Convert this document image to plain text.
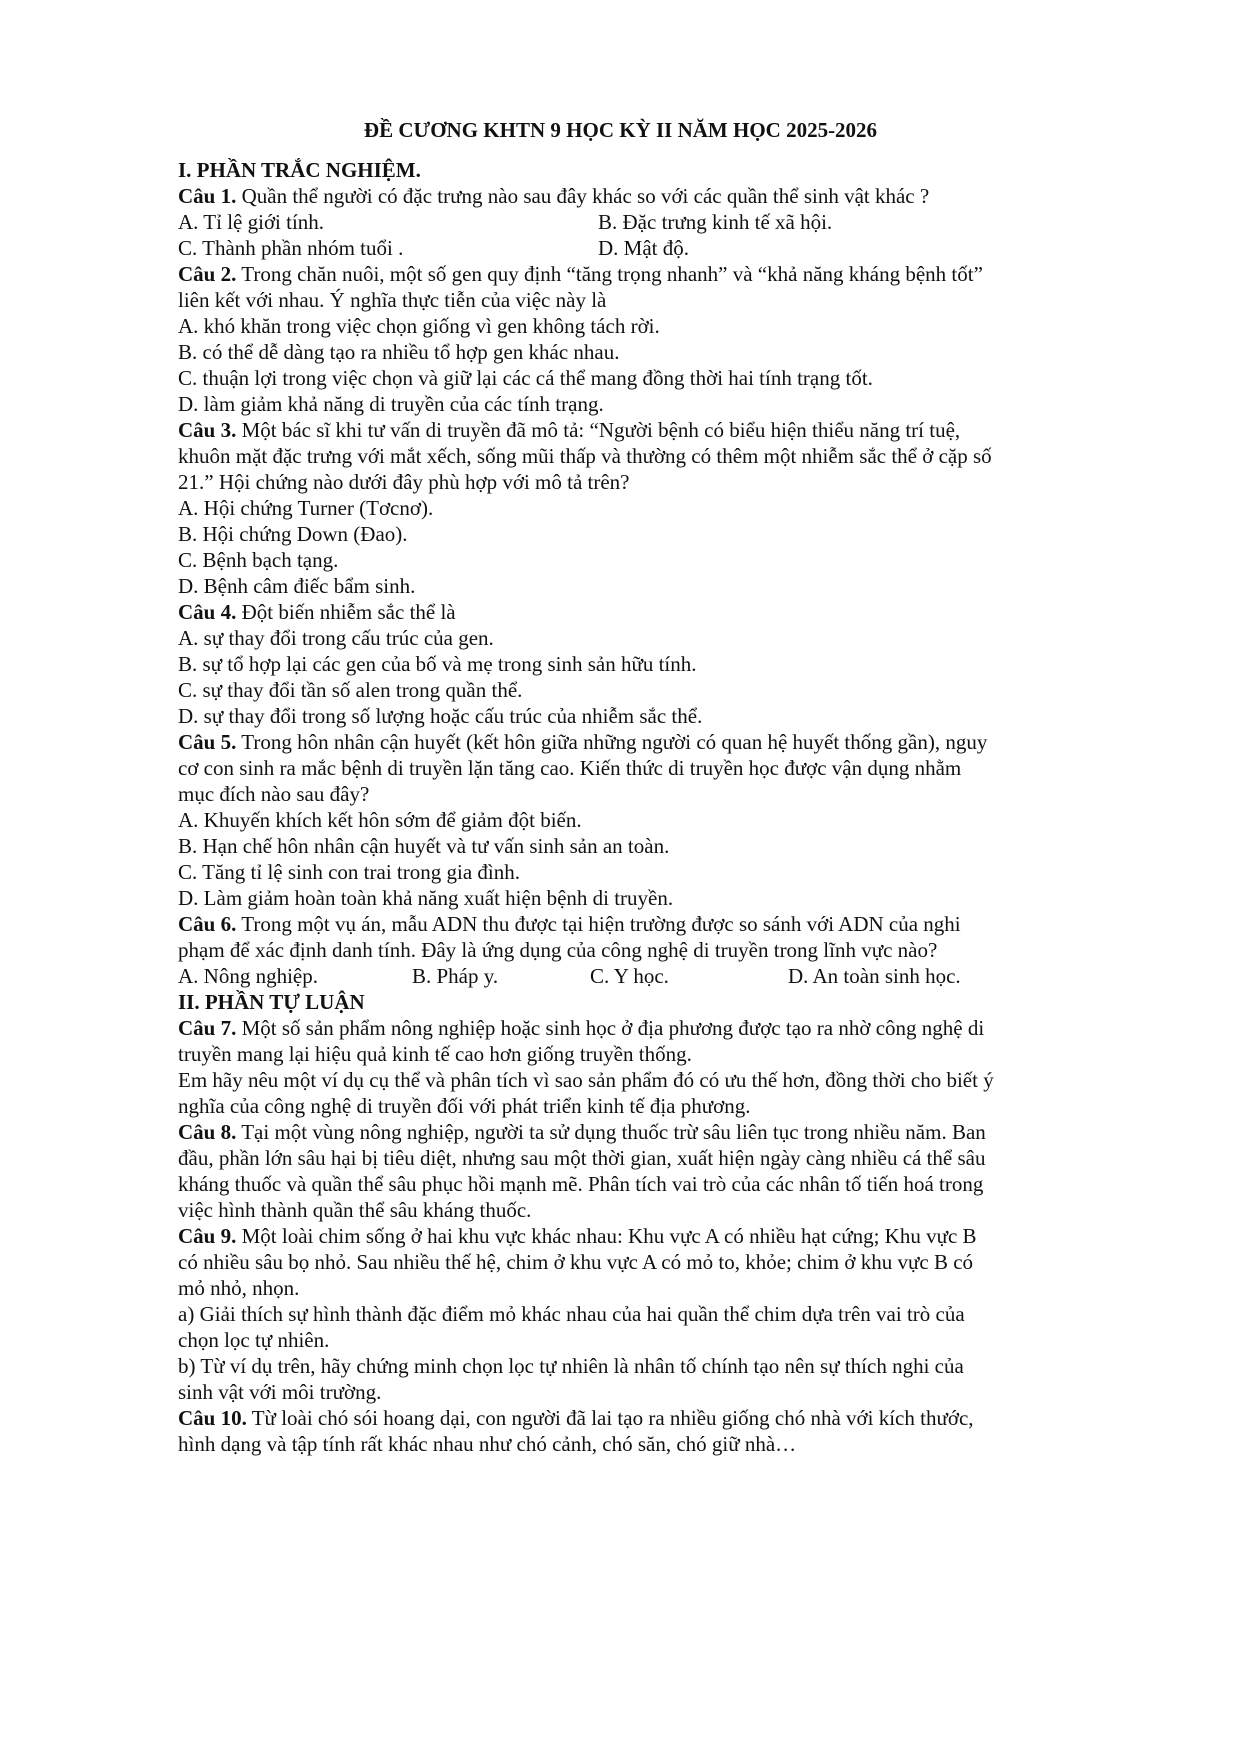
ĐỀ CƯƠNG KHTN 9 HỌC KỲ II NĂM HỌC 2025-2026
I. PHẦN TRẮC NGHIỆM.
Câu 1. Quần thể người có đặc trưng nào sau đây khác so với các quần thể sinh vật khác ?
A. Tỉ lệ giới tính.	B. Đặc trưng kinh tế xã hội.
C. Thành phần nhóm tuổi .	D. Mật độ.
Câu 2. Trong chăn nuôi, một số gen quy định “tăng trọng nhanh” và “khả năng kháng bệnh tốt”
liên kết với nhau. Ý nghĩa thực tiễn của việc này là
A. khó khăn trong việc chọn giống vì gen không tách rời.
B. có thể dễ dàng tạo ra nhiều tổ hợp gen khác nhau.
C. thuận lợi trong việc chọn và giữ lại các cá thể mang đồng thời hai tính trạng tốt.
D. làm giảm khả năng di truyền của các tính trạng.
Câu 3. Một bác sĩ khi tư vấn di truyền đã mô tả: “Người bệnh có biểu hiện thiểu năng trí tuệ,
khuôn mặt đặc trưng với mắt xếch, sống mũi thấp và thường có thêm một nhiễm sắc thể ở cặp số
21.” Hội chứng nào dưới đây phù hợp với mô tả trên?
A. Hội chứng Turner (Tơcnơ).
B. Hội chứng Down (Đao).
C. Bệnh bạch tạng.
D. Bệnh câm điếc bẩm sinh.
Câu 4. Đột biến nhiễm sắc thể là
A. sự thay đổi trong cấu trúc của gen.
B. sự tổ hợp lại các gen của bố và mẹ trong sinh sản hữu tính.
C. sự thay đổi tần số alen trong quần thể.
D. sự thay đổi trong số lượng hoặc cấu trúc của nhiễm sắc thể.
Câu 5. Trong hôn nhân cận huyết (kết hôn giữa những người có quan hệ huyết thống gần), nguy
cơ con sinh ra mắc bệnh di truyền lặn tăng cao. Kiến thức di truyền học được vận dụng nhằm
mục đích nào sau đây?
A. Khuyến khích kết hôn sớm để giảm đột biến.
B. Hạn chế hôn nhân cận huyết và tư vấn sinh sản an toàn.
C. Tăng tỉ lệ sinh con trai trong gia đình.
D. Làm giảm hoàn toàn khả năng xuất hiện bệnh di truyền.
Câu 6. Trong một vụ án, mẫu ADN thu được tại hiện trường được so sánh với ADN của nghi
phạm để xác định danh tính. Đây là ứng dụng của công nghệ di truyền trong lĩnh vực nào?
A. Nông nghiệp.	B. Pháp y.	C. Y học.	D. An toàn sinh học.
II. PHẦN TỰ LUẬN
Câu 7. Một số sản phẩm nông nghiệp hoặc sinh học ở địa phương được tạo ra nhờ công nghệ di
truyền mang lại hiệu quả kinh tế cao hơn giống truyền thống.
Em hãy nêu một ví dụ cụ thể và phân tích vì sao sản phẩm đó có ưu thế hơn, đồng thời cho biết ý
nghĩa của công nghệ di truyền đối với phát triển kinh tế địa phương.
Câu 8. Tại một vùng nông nghiệp, người ta sử dụng thuốc trừ sâu liên tục trong nhiều năm. Ban
đầu, phần lớn sâu hại bị tiêu diệt, nhưng sau một thời gian, xuất hiện ngày càng nhiều cá thể sâu
kháng thuốc và quần thể sâu phục hồi mạnh mẽ. Phân tích vai trò của các nhân tố tiến hoá trong
việc hình thành quần thể sâu kháng thuốc.
Câu 9. Một loài chim sống ở hai khu vực khác nhau: Khu vực A có nhiều hạt cứng; Khu vực B
có nhiều sâu bọ nhỏ. Sau nhiều thế hệ, chim ở khu vực A có mỏ to, khỏe; chim ở khu vực B có
mỏ nhỏ, nhọn.
a) Giải thích sự hình thành đặc điểm mỏ khác nhau của hai quần thể chim dựa trên vai trò của
chọn lọc tự nhiên.
b) Từ ví dụ trên, hãy chứng minh chọn lọc tự nhiên là nhân tố chính tạo nên sự thích nghi của
sinh vật với môi trường.
Câu 10. Từ loài chó sói hoang dại, con người đã lai tạo ra nhiều giống chó nhà với kích thước,
hình dạng và tập tính rất khác nhau như chó cảnh, chó săn, chó giữ nhà…
